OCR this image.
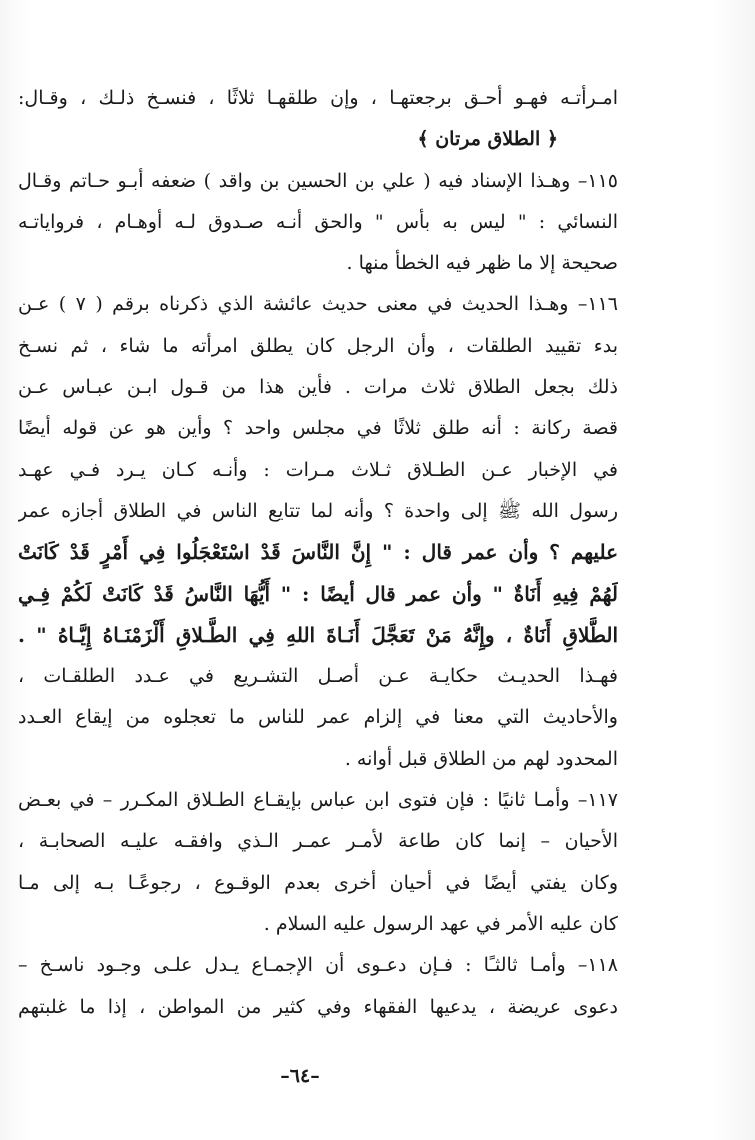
امـرأتـه فهـو أحـق برجعتهـا ، وإن طلقهـا ثلاثًا ، فنسـخ ذلـك ، وقـال:
﴿ الطلاق مرتان ﴾
١١٥– وهـذا الإسناد فيه ( علي بن الحسين بن واقد ) ضعفه أبـو حـاتم وقـال
النسائي : " ليس به بأس " والحق أنـه صـدوق لـه أوهـام ، فرواياتـه
صحيحة إلا ما ظهر فيه الخطأ منها .
١١٦– وهـذا الحديث في معنى حديث عائشة الذي ذكرناه برقم ( ٧ ) عـن
بدء تقييد الطلقات ، وأن الرجل كان يطلق امرأته ما شاء ، ثم نسـخ
ذلك بجعل الطلاق ثلاث مرات . فأين هذا من قـول ابـن عبـاس عـن
قصة ركانة : أنه طلق ثلاثًا في مجلس واحد ؟ وأين هو عن قوله أيضًا
في الإخبار عـن الطـلاق ثـلاث مـرات : وأنـه كـان يـرد فـي عهـد
رسول الله ﷺ إلى واحدة ؟ وأنه لما تتايع الناس في الطلاق أجازه عمر
عليهم ؟ وأن عمر قال : " إِنَّ النَّاسَ قَدْ اسْتَعْجَلُوا فِي أَمْرٍ قَدْ كَانَتْ
لَهُمْ فِيهِ أَنَاةٌ " وأن عمر قال أيضًا : " أَيُّهَا النَّاسُ قَدْ كَانَتْ لَكُمْ فِـي
الطَّلاقِ أَنَاةٌ ، وإِنَّهُ مَنْ تَعَجَّلَ أَنَـاةَ اللهِ فِي الطَّـلاقِ أَلْزَمْنَـاهُ إِيَّـاهُ " .
فهـذا الحديـث حكايـة عـن أصـل التشـريع في عـدد الطلقـات ،
والأحاديث التي معنا في إلزام عمر للناس ما تعجلوه من إيقاع العـدد
المحدود لهم من الطلاق قبل أوانه .
١١٧– وأمـا ثانيًا : فإن فتوى ابن عباس بإيقـاع الطـلاق المكـرر – في بعـض
الأحيان – إنما كان طاعة لأمـر عمـر الـذي وافقـه عليـه الصحابـة ،
وكان يفتي أيضًا في أحيان أخرى بعدم الوقـوع ، رجوعًـا بـه إلى مـا
كان عليه الأمر في عهد الرسول عليه السلام .
١١٨– وأمـا ثالثـًا : فـإن دعـوى أن الإجمـاع يـدل علـى وجـود ناسـخ –
دعوى عريضة ، يدعيها الفقهاء وفي كثير من المواطن ، إذا ما غلبتهم
–٦٤–
